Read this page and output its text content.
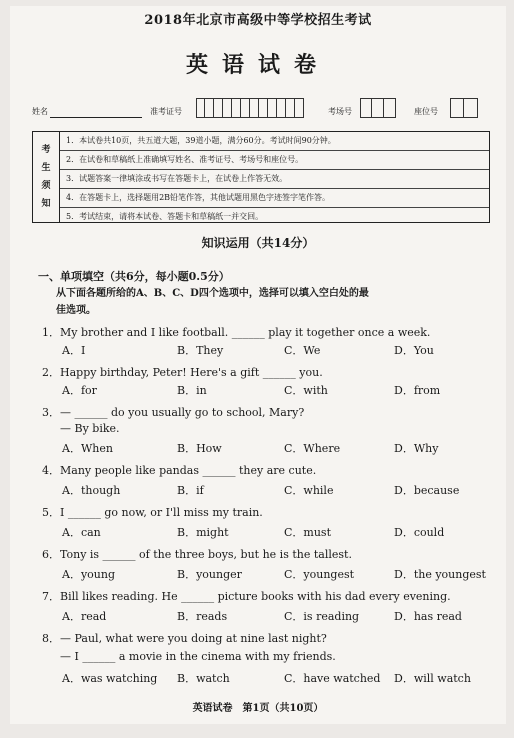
2018年北京市高级中等学校招生考试
英语试卷
姓名	准考证号	考场号	座位号
考
生
须
知
1．本试卷共10页，共五道大题，39道小题，满分60分。考试时间90分钟。
2．在试卷和草稿纸上准确填写姓名、准考证号、考场号和座位号。
3．试题答案一律填涂或书写在答题卡上，在试卷上作答无效。
4．在答题卡上，选择题用2B铅笔作答，其他试题用黑色字迹签字笔作答。
5．考试结束，请将本试卷、答题卡和草稿纸一并交回。
知识运用（共14分）
一、单项填空（共6分，每小题0.5分）
从下面各题所给的A、B、C、D四个选项中，选择可以填入空白处的最
佳选项。
1．My brother and I like football. ______ play it together once a week.
A．I	B．They	C．We	D．You
2．Happy birthday, Peter! Here's a gift ______ you.
A．for	B．in	C．with	D．from
3．— ______ do you usually go to school, Mary?
— By bike.
A．When	B．How	C．Where	D．Why
4．Many people like pandas ______ they are cute.
A．though	B．if	C．while	D．because
5．I ______ go now, or I'll miss my train.
A．can	B．might	C．must	D．could
6．Tony is ______ of the three boys, but he is the tallest.
A．young	B．younger	C．youngest	D．the youngest
7．Bill likes reading. He ______ picture books with his dad every evening.
A．read	B．reads	C．is reading	D．has read
8．— Paul, what were you doing at nine last night?
— I ______ a movie in the cinema with my friends.
A．was watching B．watch	C．have watched D．will watch
英语试卷　第1页（共10页）
